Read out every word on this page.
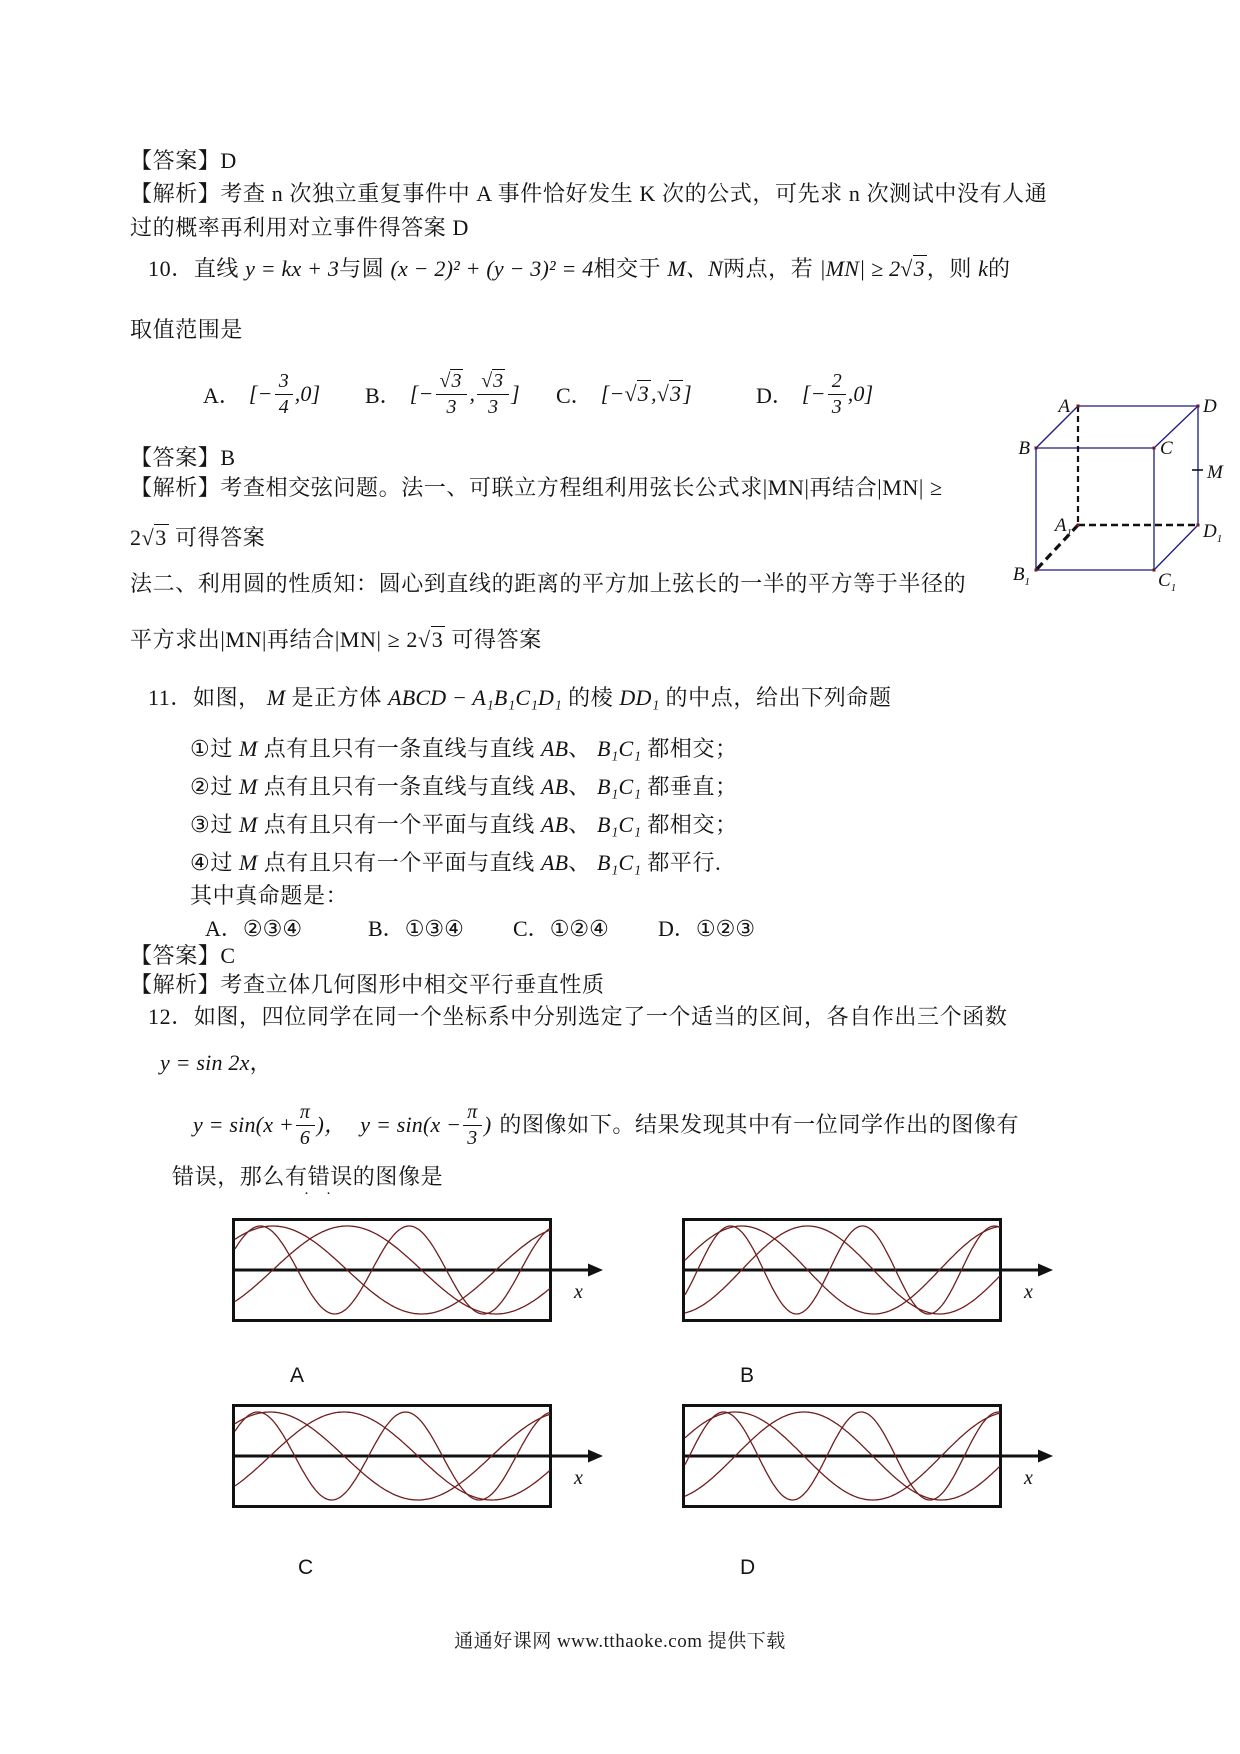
【答案】D
【解析】考查 n 次独立重复事件中 A 事件恰好发生 K 次的公式，可先求 n 次测试中没有人通
过的概率再利用对立事件得答案 D
10．直线 y = kx + 3与圆 (x − 2)² + (y − 3)² = 4相交于 M、N两点，若 |MN| ≥ 2√3，则 k的
取值范围是
A． [− $\frac{3}{4} ,0$] B． [− $\frac{√3}{3}$ , $\frac{√3}{3}$ ] C． [−√3,√3]	D． [− $\frac{2}{3} ,0$]
【答案】B
【解析】考查相交弦问题。法一、可联立方程组利用弦长公式求|MN|再结合|MN| ≥
2√3 可得答案
法二、利用圆的性质知：圆心到直线的距离的平方加上弦长的一半的平方等于半径的
平方求出|MN|再结合|MN| ≥ 2√3 可得答案
A	D
B	C
$A_1$	$D_1$
$B_1$	$C_1$
M
11．如图， M 是正方体 ABCD − A₁B₁C₁D₁ 的棱 DD₁ 的中点，给出下列命题
①过 M 点有且只有一条直线与直线 AB、 B₁C₁ 都相交；
②过 M 点有且只有一条直线与直线 AB、 B₁C₁ 都垂直；
③过 M 点有且只有一个平面与直线 AB、 B₁C₁ 都相交；
④过 M 点有且只有一个平面与直线 AB、 B₁C₁ 都平行.
其中真命题是：
A．②③④	B．①③④ C．①②④ D．①②③
【答案】C
【解析】考查立体几何图形中相交平行垂直性质
12．如图，四位同学在同一个坐标系中分别选定了一个适当的区间，各自作出三个函数
y = sin 2x，
$y = \sin(x + \frac{\pi}{6}$ )， $y = \sin(x - \frac{\pi}{3}$ ) 的图像如下。结果发现其中有一位同学作出的图像有
错误，那么有错误的图像是
··
x	x
A	B
x	x
C	D
通通好课网 www.tthaoke.com 提供下载
